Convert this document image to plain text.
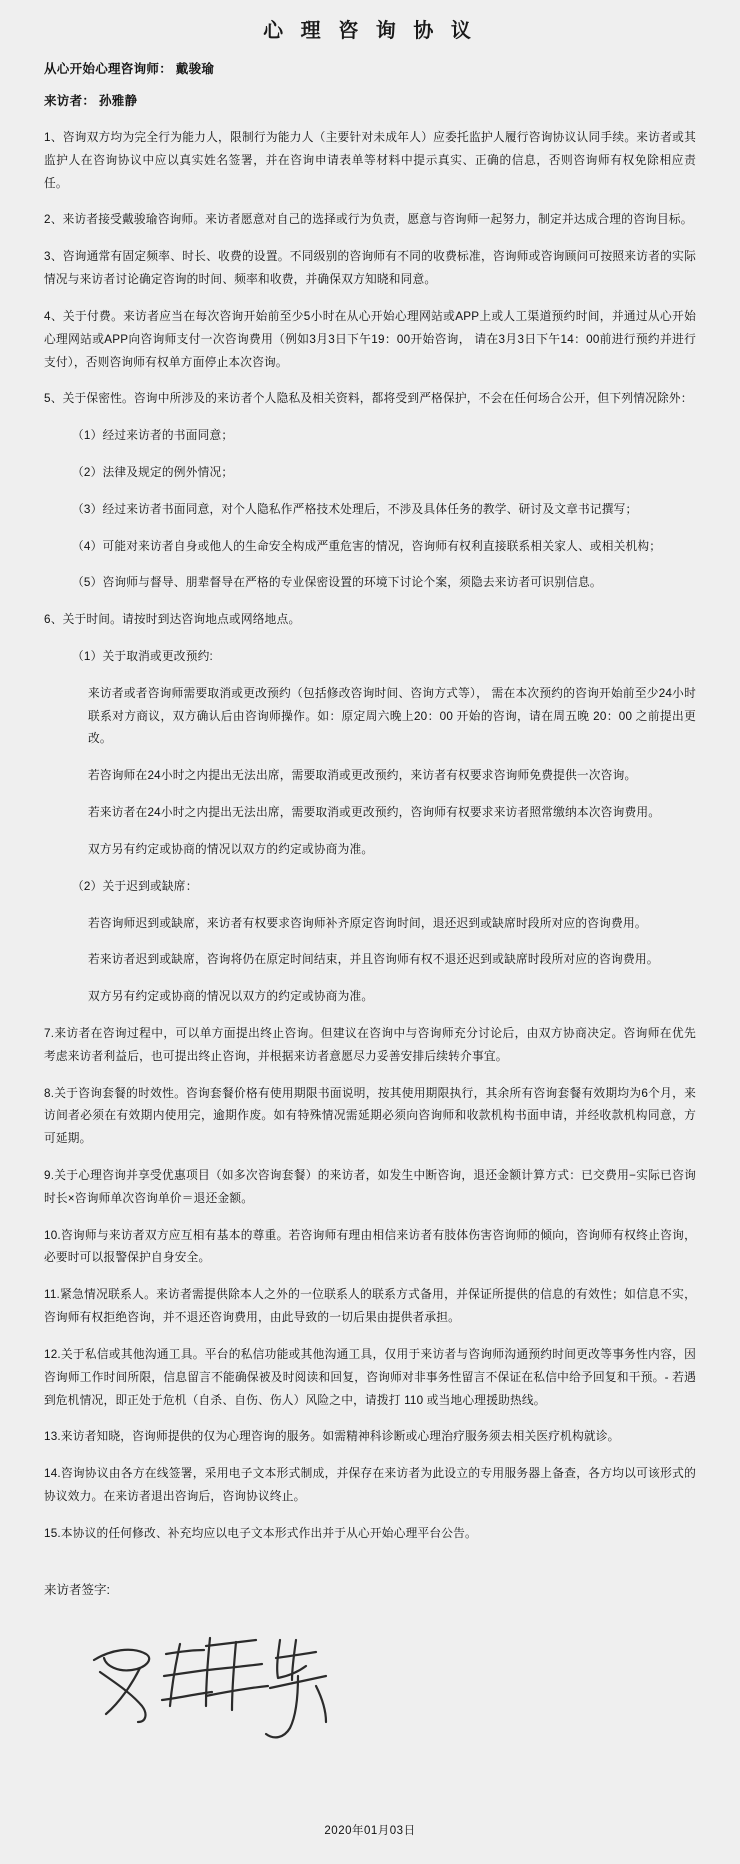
心 理 咨 询 协 议
从心开始心理咨询师： 戴骏瑜
来访者： 孙雅静

1、咨询双方均为完全行为能力人，限制行为能力人（主要针对未成年人）应委托监护人履行咨询协议认同手续。来访者或其监护人在咨询协议中应以真实姓名签署，并在咨询申请表单等材料中提示真实、正确的信息，否则咨询师有权免除相应责任。

2、来访者接受戴骏瑜咨询师。来访者愿意对自己的选择或行为负责，愿意与咨询师一起努力，制定并达成合理的咨询目标。

3、咨询通常有固定频率、时长、收费的设置。不同级别的咨询师有不同的收费标准，咨询师或咨询顾问可按照来访者的实际情况与来访者讨论确定咨询的时间、频率和收费，并确保双方知晓和同意。

4、关于付费。来访者应当在每次咨询开始前至少5小时在从心开始心理网站或APP上或人工渠道预约时间，并通过从心开始心理网站或APP向咨询师支付一次咨询费用（例如3月3日下午19：00开始咨询， 请在3月3日下午14：00前进行预约并进行支付），否则咨询师有权单方面停止本次咨询。

5、关于保密性。咨询中所涉及的来访者个人隐私及相关资料，都将受到严格保护，不会在任何场合公开，但下列情况除外：

（1）经过来访者的书面同意；

（2）法律及规定的例外情况；

（3）经过来访者书面同意，对个人隐私作严格技术处理后，不涉及具体任务的教学、研讨及文章书记撰写；

（4）可能对来访者自身或他人的生命安全构成严重危害的情况，咨询师有权利直接联系相关家人、或相关机构；

（5）咨询师与督导、朋辈督导在严格的专业保密设置的环境下讨论个案，须隐去来访者可识别信息。

6、关于时间。请按时到达咨询地点或网络地点。

（1）关于取消或更改预约:

来访者或者咨询师需要取消或更改预约（包括修改咨询时间、咨询方式等）， 需在本次预约的咨询开始前至少24小时联系对方商议，双方确认后由咨询师操作。如：原定周六晚上20：00 开始的咨询，请在周五晚 20：00 之前提出更改。

若咨询师在24小时之内提出无法出席，需要取消或更改预约，来访者有权要求咨询师免费提供一次咨询。

若来访者在24小时之内提出无法出席，需要取消或更改预约，咨询师有权要求来访者照常缴纳本次咨询费用。

双方另有约定或协商的情况以双方的约定或协商为准。

（2）关于迟到或缺席：

若咨询师迟到或缺席，来访者有权要求咨询师补齐原定咨询时间，退还迟到或缺席时段所对应的咨询费用。

若来访者迟到或缺席，咨询将仍在原定时间结束，并且咨询师有权不退还迟到或缺席时段所对应的咨询费用。

双方另有约定或协商的情况以双方的约定或协商为准。

7.来访者在咨询过程中，可以单方面提出终止咨询。但建议在咨询中与咨询师充分讨论后，由双方协商决定。咨询师在优先考虑来访者利益后，也可提出终止咨询，并根据来访者意愿尽力妥善安排后续转介事宜。

8.关于咨询套餐的时效性。咨询套餐价格有使用期限书面说明，按其使用期限执行，其余所有咨询套餐有效期均为6个月，来访间者必须在有效期内使用完，逾期作废。如有特殊情况需延期必须向咨询师和收款机构书面申请，并经收款机构同意，方可延期。

9.关于心理咨询并享受优惠项目（如多次咨询套餐）的来访者，如发生中断咨询，退还金额计算方式：已交费用−实际已咨询时长×咨询师单次咨询单价＝退还金额。

10.咨询师与来访者双方应互相有基本的尊重。若咨询师有理由相信来访者有肢体伤害咨询师的倾向，咨询师有权终止咨询，必要时可以报警保护自身安全。

11.紧急情况联系人。来访者需提供除本人之外的一位联系人的联系方式备用，并保证所提供的信息的有效性；如信息不实，咨询师有权拒绝咨询，并不退还咨询费用，由此导致的一切后果由提供者承担。

12.关于私信或其他沟通工具。平台的私信功能或其他沟通工具，仅用于来访者与咨询师沟通预约时间更改等事务性内容，因咨询师工作时间所限，信息留言不能确保被及时阅读和回复，咨询师对非事务性留言不保证在私信中给予回复和干预。- 若遇到危机情况，即正处于危机（自杀、自伤、伤人）风险之中，请拨打 110 或当地心理援助热线。

13.来访者知晓，咨询师提供的仅为心理咨询的服务。如需精神科诊断或心理治疗服务须去相关医疗机构就诊。

14.咨询协议由各方在线签署，采用电子文本形式制成，并保存在来访者为此设立的专用服务器上备查，各方均以可该形式的协议效力。在来访者退出咨询后，咨询协议终止。

15.本协议的任何修改、补充均应以电子文本形式作出并于从心开始心理平台公告。

来访者签字:
2020年01月03日
